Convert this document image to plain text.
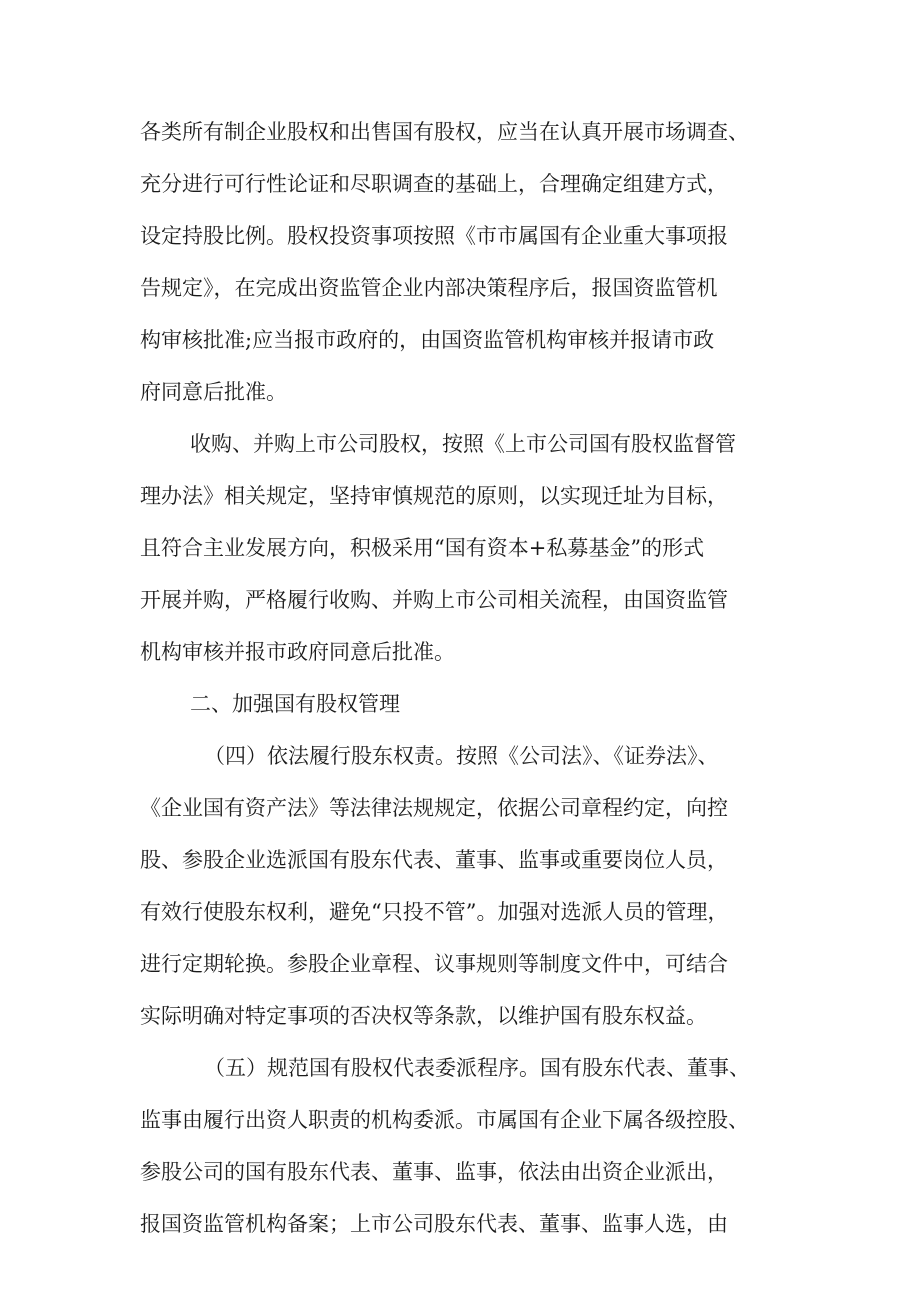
各类所有制企业股权和出售国有股权，应当在认真开展市场调查、
充分进行可行性论证和尽职调查的基础上，合理确定组建方式，
设定持股比例。股权投资事项按照《市市属国有企业重大事项报
告规定》，在完成出资监管企业内部决策程序后，报国资监管机
构审核批准;应当报市政府的，由国资监管机构审核并报请市政
府同意后批准。
收购、并购上市公司股权，按照《上市公司国有股权监督管
理办法》相关规定，坚持审慎规范的原则，以实现迁址为目标，
且符合主业发展方向，积极采用“国有资本+私募基金”的形式
开展并购，严格履行收购、并购上市公司相关流程，由国资监管
机构审核并报市政府同意后批准。
二、加强国有股权管理
（四）依法履行股东权责。按照《公司法》、《证券法》、
《企业国有资产法》等法律法规规定，依据公司章程约定，向控
股、参股企业选派国有股东代表、董事、监事或重要岗位人员，
有效行使股东权利，避免“只投不管”。加强对选派人员的管理，
进行定期轮换。参股企业章程、议事规则等制度文件中，可结合
实际明确对特定事项的否决权等条款，以维护国有股东权益。
（五）规范国有股权代表委派程序。国有股东代表、董事、
监事由履行出资人职责的机构委派。市属国有企业下属各级控股、
参股公司的国有股东代表、董事、监事，依法由出资企业派出，
报国资监管机构备案；上市公司股东代表、董事、监事人选，由
